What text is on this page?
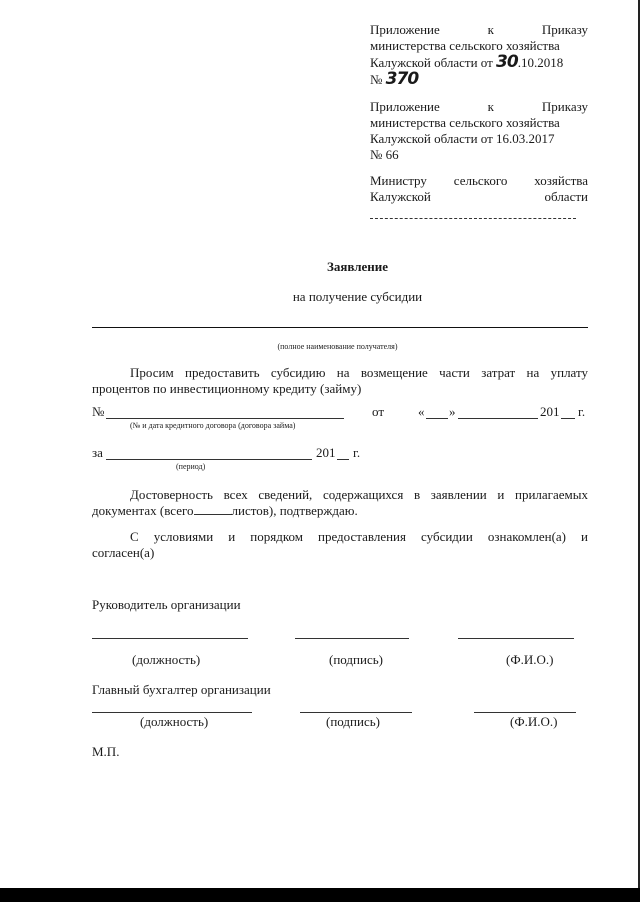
Приложение	к	Приказу
министерства сельского хозяйства
Калужской области от 30.10.2018
№ 370
Приложение	к	Приказу
министерства сельского хозяйства
Калужской области от 16.03.2017
№ 66
Министру сельского хозяйства
Калужской	области
Заявление
на получение субсидии
(полное наименование получателя)
Просим предоставить субсидию на возмещение части затрат на уплату
процентов по инвестиционному кредиту (займу)
№	от	« »	201 г.
(№ и дата кредитного договора (договора займа)
за	201 г.
(период)
Достоверность всех сведений, содержащихся в заявлении и прилагаемых
документах (всего	листов), подтверждаю.
С условиями и порядком предоставления субсидии ознакомлен(а) и
согласен(а)
Руководитель организации
(должность)	(подпись)	(Ф.И.О.)
Главный бухгалтер организации
(должность)	(подпись)	(Ф.И.О.)
М.П.
